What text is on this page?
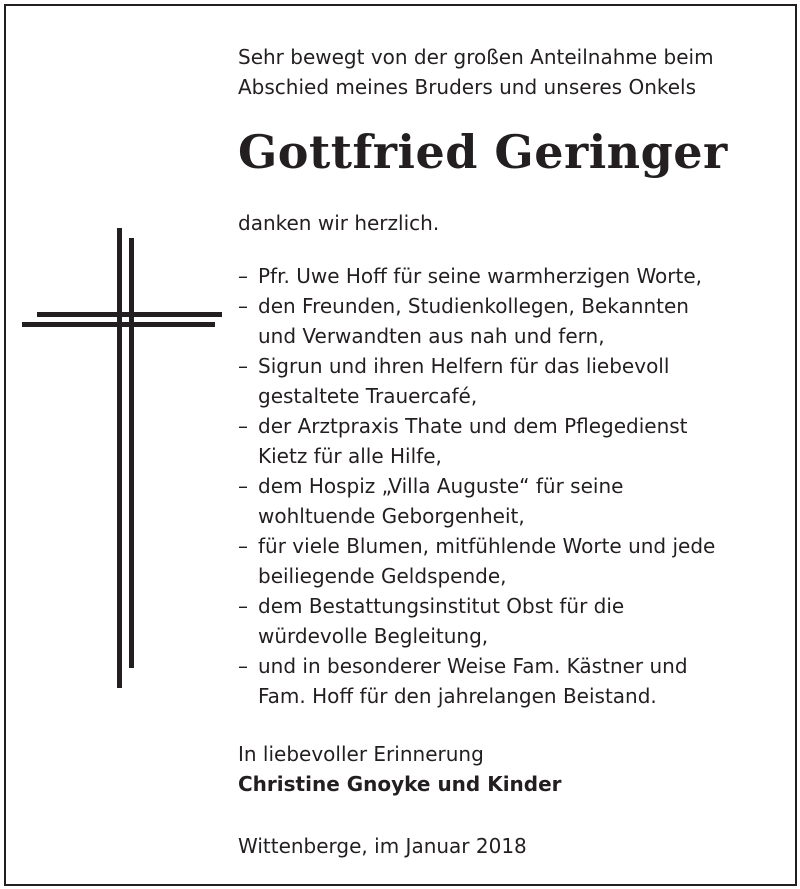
Sehr bewegt von der großen Anteilnahme beim
Abschied meines Bruders und unseres Onkels

Gottfried Geringer

danken wir herzlich.

– Pfr. Uwe Hoff für seine warmherzigen Worte,
– den Freunden, Studienkollegen, Bekannten
und Verwandten aus nah und fern,
– Sigrun und ihren Helfern für das liebevoll
gestaltete Trauercafé,
– der Arztpraxis Thate und dem Pflegedienst
Kietz für alle Hilfe,
– dem Hospiz „Villa Auguste“ für seine
wohltuende Geborgenheit,
– für viele Blumen, mitfühlende Worte und jede
beiliegende Geldspende,
– dem Bestattungsinstitut Obst für die
würdevolle Begleitung,
– und in besonderer Weise Fam. Kästner und
Fam. Hoff für den jahrelangen Beistand.

In liebevoller Erinnerung

Christine Gnoyke und Kinder

Wittenberge, im Januar 2018
